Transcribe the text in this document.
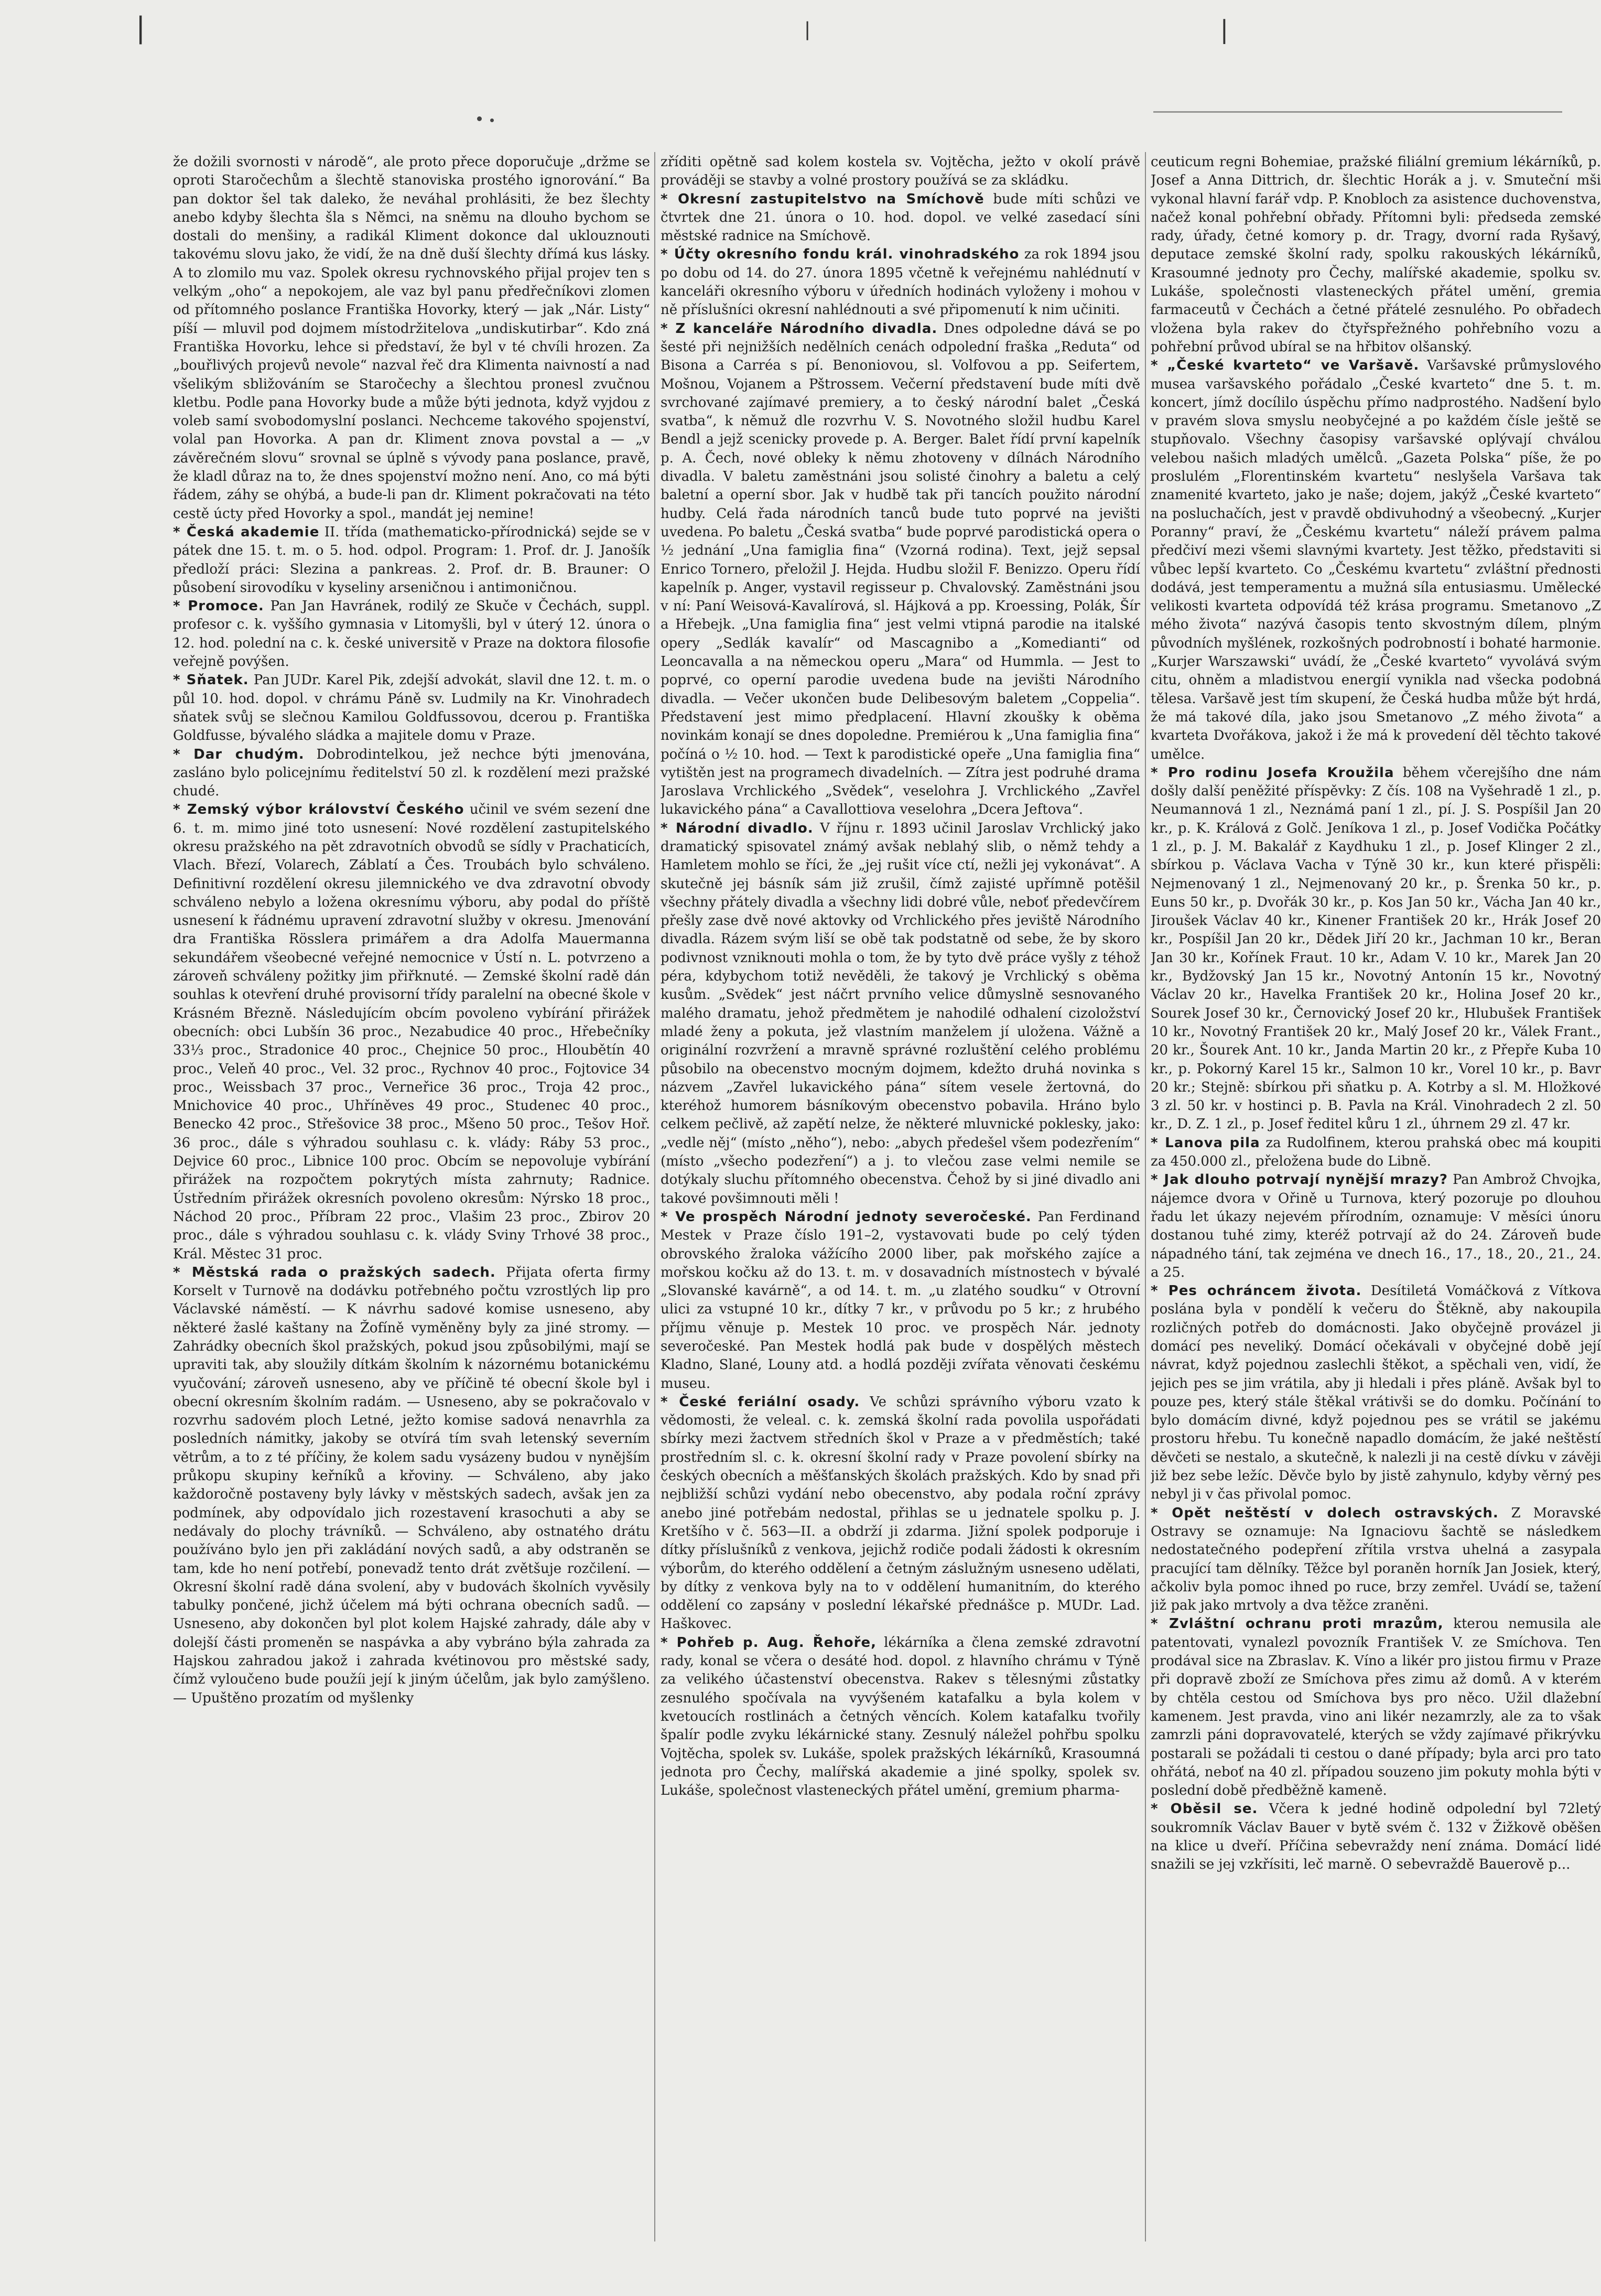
⎜	❘	⎜

že dožili svornosti v národě“, ale proto přece doporučuje „držme se oproti Staročechům a šlechtě stanoviska prostého ignorování.“ Ba pan doktor šel tak daleko, že neváhal prohlásiti, že bez šlechty anebo kdyby šlechta šla s Němci, na sněmu na dlouho bychom se dostali do menšiny, a radikál Kliment dokonce dal uklouznouti takovému slovu jako, že vidí, že na dně duší šlechty dřímá kus lásky. A to zlomilo mu vaz. Spolek okresu rychnovského přijal projev ten s velkým „oho“ a nepokojem, ale vaz byl panu předřečníkovi zlomen od přítomného poslance Františka Hovorky, který — jak „Nár. Listy“ píší — mluvil pod dojmem místodržitelova „undiskutirbar“. Kdo zná Františka Hovorku, lehce si představí, že byl v té chvíli hrozen. Za „bouřlivých projevů nevole“ nazval řeč dra Klimenta naivností a nad všelikým sbližováním se Staročechy a šlechtou pronesl zvučnou kletbu. Podle pana Hovorky bude a může býti jednota, když vyjdou z voleb samí svobodomyslní poslanci. Nechceme takového spojenství, volal pan Hovorka. A pan dr. Kliment znova povstal a — „v závěrečném slovu“ srovnal se úplně s vývody pana poslance, pravě, že kladl důraz na to, že dnes spojenství možno není. Ano, co má býti řádem, záhy se ohýbá, a bude-li pan dr. Kliment pokračovati na této cestě úcty před Hovorky a spol., mandát jej nemine!

* Česká akademie II. třída (mathematicko-přírodnická) sejde se v pátek dne 15. t. m. o 5. hod. odpol. Program: 1. Prof. dr. J. Janošík předloží práci: Slezina a pankreas. 2. Prof. dr. B. Brauner: O působení sirovodíku v kyseliny arseničnou i antimoničnou.

* Promoce. Pan Jan Havránek, rodilý ze Skuče v Čechách, suppl. profesor c. k. vyššího gymnasia v Litomyšli, byl v úterý 12. února o 12. hod. polední na c. k. české universitě v Praze na doktora filosofie veřejně povýšen.

* Sňatek. Pan JUDr. Karel Pik, zdejší advokát, slavil dne 12. t. m. o půl 10. hod. dopol. v chrámu Páně sv. Ludmily na Kr. Vinohradech sňatek svůj se slečnou Kamilou Goldfussovou, dcerou p. Františka Goldfusse, bývalého sládka a majitele domu v Praze.

* Dar chudým. Dobrodintelkou, jež nechce býti jmenována, zasláno bylo policejnímu ředitelství 50 zl. k rozdělení mezi pražské chudé.

* Zemský výbor království Českého učinil ve svém sezení dne 6. t. m. mimo jiné toto usnesení: Nové rozdělení zastupitelského okresu pražského na pět zdravotních obvodů se sídly v Prachaticích, Vlach. Březí, Volarech, Záblatí a Čes. Troubách bylo schváleno. Definitivní rozdělení okresu jilemnického ve dva zdravotní obvody schváleno nebylo a ložena okresnímu výboru, aby podal do příště usnesení k řádnému upravení zdravotní služby v okresu. Jmenování dra Františka Rösslera primářem a dra Adolfa Mauermanna sekundářem všeobecné veřejné nemocnice v Ústí n. L. potvrzeno a zároveň schváleny požitky jim přiřknuté. — Zemské školní radě dán souhlas k otevření druhé provisorní třídy paralelní na obecné škole v Krásném Březně. Následujícím obcím povoleno vybírání přirážek obecních: obci Lubšín 36 proc., Nezabudice 40 proc., Hřebečníky 33⅓ proc., Stradonice 40 proc., Chejnice 50 proc., Hloubětín 40 proc., Veleň 40 proc., Vel. 32 proc., Rychnov 40 proc., Fojtovice 34 proc., Weissbach 37 proc., Verneřice 36 proc., Troja 42 proc., Mnichovice 40 proc., Uhříněves 49 proc., Studenec 40 proc., Benecko 42 proc., Střešovice 38 proc., Mšeno 50 proc., Tešov Hoř. 36 proc., dále s výhradou souhlasu c. k. vlády: Ráby 53 proc., Dejvice 60 proc., Libnice 100 proc. Obcím se nepovoluje vybírání přirážek na rozpočtem pokrytých místa zahrnuty; Radnice. Ústředním přirážek okresních povoleno okresům: Nýrsko 18 proc., Náchod 20 proc., Příbram 22 proc., Vlašim 23 proc., Zbirov 20 proc., dále s výhradou souhlasu c. k. vlády Sviny Trhové 38 proc., Král. Městec 31 proc.

* Městská rada o pražských sadech. Přijata oferta firmy Korselt v Turnově na dodávku potřebného počtu vzrostlých lip pro Václavské náměstí. — K návrhu sadové komise usneseno, aby některé žaslé kaštany na Žofíně vyměněny byly za jiné stromy. — Zahrádky obecních škol pražských, pokud jsou způsobilými, mají se upraviti tak, aby sloužily dítkám školním k názornému botanickému vyučování; zároveň usneseno, aby ve příčině té obecní škole byl i obecní okresním školním radám. — Usneseno, aby se pokračovalo v rozvrhu sadovém ploch Letné, ježto komise sadová nenavrhla za posledních námitky, jakoby se otvírá tím svah letenský severním větrům, a to z té příčiny, že kolem sadu vysázeny budou v nynějším průkopu skupiny keřníků a křoviny. — Schváleno, aby jako každoročně postaveny byly lávky v městských sadech, avšak jen za podmínek, aby odpovídalo jich rozestavení krasochuti a aby se nedávaly do plochy trávníků. — Schváleno, aby ostnatého drátu používáno bylo jen při zakládání nových sadů, a aby odstraněn se tam, kde ho není potřebí, ponevadž tento drát zvětšuje rozčilení. — Okresní školní radě dána svolení, aby v budovách školních vyvěsily tabulky pončené, jichž účelem má býti ochrana obecních sadů. — Usneseno, aby dokončen byl plot kolem Hajské zahrady, dále aby v dolejší části promeněn se naspávka a aby vybráno býla zahrada za Hajskou zahradou jakož i zahrada kvétinovou pro městské sady, čímž vyloučeno bude použíi její k jiným účelům, jak bylo zamýšleno. — Upuštěno prozatím od myšlenky

zříditi opětně sad kolem kostela sv. Vojtěcha, ježto v okolí právě prováději se stavby a volné prostory používá se za skládku.

* Okresní zastupitelstvo na Smíchově bude míti schůzi ve čtvrtek dne 21. února o 10. hod. dopol. ve velké zasedací síni městské radnice na Smíchově.

* Účty okresního fondu král. vinohradského za rok 1894 jsou po dobu od 14. do 27. února 1895 včetně k veřejnému nahlédnutí v kanceláři okresního výboru v úředních hodinách vyloženy i mohou v ně příslušníci okresní nahlédnouti a své připomenutí k nim učiniti.

* Z kanceláře Národního divadla. Dnes odpoledne dává se po šesté při nejnižších nedělních cenách odpolední fraška „Reduta“ od Bisona a Carréa s pí. Benoniovou, sl. Volfovou a pp. Seifertem, Mošnou, Vojanem a Pštrossem. Večerní představení bude míti dvě svrchované zajímavé premiery, a to český národní balet „Česká svatba“, k němuž dle rozvrhu V. S. Novotného složil hudbu Karel Bendl a jejž scenicky provede p. A. Berger. Balet řídí první kapelník p. A. Čech, nové obleky k němu zhotoveny v dílnách Národního divadla. V baletu zaměstnáni jsou solisté činohry a baletu a celý baletní a operní sbor. Jak v hudbě tak při tancích použito národní hudby. Celá řada národních tanců bude tuto poprvé na jevišti uvedena. Po baletu „Česká svatba“ bude poprvé parodistická opera o ½ jednání „Una famiglia fina“ (Vzorná rodina). Text, jejž sepsal Enrico Tornero, přeložil J. Hejda. Hudbu složil F. Benizzo. Operu řídí kapelník p. Anger, vystavil regisseur p. Chvalovský. Zaměstnáni jsou v ní: Paní Weisová-Kavalírová, sl. Hájková a pp. Kroessing, Polák, Šír a Hřebejk. „Una famiglia fina“ jest velmi vtipná parodie na italské opery „Sedlák kavalír“ od Mascagnibo a „Komedianti“ od Leoncavalla a na německou operu „Mara“ od Hummla. — Jest to poprvé, co operní parodie uvedena bude na jevišti Národního divadla. — Večer ukončen bude Delibesovým baletem „Coppelia“. Představení jest mimo předplacení. Hlavní zkoušky k oběma novinkám konají se dnes dopoledne. Premiérou k „Una famiglia fina“ počíná o ½ 10. hod. — Text k parodistické opeře „Una famiglia fina“ vytištěn jest na programech divadelních. — Zítra jest podruhé drama Jaroslava Vrchlického „Svědek“, veselohra J. Vrchlického „Zavřel lukavického pána“ a Cavallottiova veselohra „Dcera Jeftova“.

* Národní divadlo. V říjnu r. 1893 učinil Jaroslav Vrchlický jako dramatický spisovatel známý avšak neblahý slib, o němž tehdy a Hamletem mohlo se říci, že „jej rušit více ctí, nežli jej vykonávat“. A skutečně jej básník sám již zrušil, čímž zajisté upřímně potěšil všechny přátely divadla a všechny lidi dobré vůle, neboť předevčírem přešly zase dvě nové aktovky od Vrchlického přes jeviště Národního divadla. Rázem svým liší se obě tak podstatně od sebe, že by skoro podivnost vzniknouti mohla o tom, že by tyto dvě práce vyšly z téhož péra, kdybychom totiž nevěděli, že takový je Vrchlický s oběma kusům. „Svědek“ jest náčrt prvního velice důmyslně sesnovaného malého dramatu, jehož předmětem je nahodilé odhalení cizoložství mladé ženy a pokuta, jež vlastním manželem jí uložena. Vážně a originální rozvržení a mravně správné rozluštění celého problému působilo na obecenstvo mocným dojmem, kdežto druhá novinka s názvem „Zavřel lukavického pána“ sítem vesele žertovná, do kteréhož humorem básníkovým obecenstvo pobavila. Hráno bylo celkem pečlivě, až zapětí nelze, že některé mluvnické poklesky, jako: „vedle něj“ (místo „něho“), nebo: „abych předešel všem podezřením“ (místo „všecho podezření“) a j. to vlečou zase velmi nemile se dotýkaly sluchu přítomného obecenstva. Čehož by si jiné divadlo ani takové povšimnouti měli !

* Ve prospěch Národní jednoty severočeské. Pan Ferdinand Mestek v Praze číslo 191–2, vystavovati bude po celý týden obrovského žraloka vážícího 2000 liber, pak mořského zajíce a mořskou kočku až do 13. t. m. v dosavadních místnostech v bývalé „Slovanské kavárně“, a od 14. t. m. „u zlatého soudku“ v Otrovní ulici za vstupné 10 kr., dítky 7 kr., v průvodu po 5 kr.; z hrubého příjmu věnuje p. Mestek 10 proc. ve prospěch Nár. jednoty severočeské. Pan Mestek hodlá pak bude v dospělých městech Kladno, Slané, Louny atd. a hodlá později zvířata věnovati českému museu.

* České feriální osady. Ve schůzi správního výboru vzato k vědomosti, že veleal. c. k. zemská školní rada povolila uspořádati sbírky mezi žactvem středních škol v Praze a v předměstích; také prostředním sl. c. k. okresní školní rady v Praze povolení sbírky na českých obecních a měšťanských školách pražských. Kdo by snad při nejbližší schůzi vydání nebo obecenstvo, aby podala roční zprávy anebo jiné potřebám nedostal, přihlas se u jednatele spolku p. J. Kretšího v č. 563—II. a obdrží ji zdarma. Jižní spolek podporuje i dítky příslušníků z venkova, jejichž rodiče podali žádosti k okresním výborům, do kterého oddělení a četným záslužným usneseno udělati, by dítky z venkova byly na to v oddělení humanitním, do kterého oddělení co zapsány v poslední lékařské přednášce p. MUDr. Lad. Haškovec.

* Pohřeb p. Aug. Řehoře, lékárníka a člena zemské zdravotní rady, konal se včera o desáté hod. dopol. z hlavního chrámu v Týně za velikého účastenství obecenstva. Rakev s tělesnými zůstatky zesnulého spočívala na vyvýšeném katafalku a byla kolem v kvetoucích rostlinách a četných věncích. Kolem katafalku tvořily špalír podle zvyku lékárnické stany. Zesnulý náležel pohřbu spolku Vojtěcha, spolek sv. Lukáše, spolek pražských lékárníků, Krasoumná jednota pro Čechy, malířská akademie a jiné spolky, spolek sv. Lukáše, společnost vlasteneckých přátel umění, gremium pharma-

ceuticum regni Bohemiae, pražské filiální gremium lékárníků, p. Josef a Anna Dittrich, dr. šlechtic Horák a j. v. Smuteční mši vykonal hlavní farář vdp. P. Knobloch za asistence duchovenstva, načež konal pohřební obřady. Přítomni byli: předseda zemské rady, úřady, četné komory p. dr. Tragy, dvorní rada Ryšavý, deputace zemské školní rady, spolku rakouských lékárníků, Krasoumné jednoty pro Čechy, malířské akademie, spolku sv. Lukáše, společnosti vlasteneckých přátel umění, gremia farmaceutů v Čechách a četné přátelé zesnulého. Po obřadech vložena byla rakev do čtyřspřežného pohřebního vozu a pohřební průvod ubíral se na hřbitov olšanský.

* „České kvarteto“ ve Varšavě. Varšavské průmyslového musea varšavského pořádalo „České kvarteto“ dne 5. t. m. koncert, jímž docílilo úspěchu přímo nadprostého. Nadšení bylo v pravém slova smyslu neobyčejné a po každém čísle ještě se stupňovalo. Všechny časopisy varšavské oplývají chválou velebou našich mladých umělců. „Gazeta Polska“ píše, že po proslulém „Florentinském kvartetu“ neslyšela Varšava tak znamenité kvarteto, jako je naše; dojem, jakýž „České kvarteto“ na posluchačích, jest v pravdě obdivuhodný a všeobecný. „Kurjer Poranny“ praví, že „Českému kvartetu“ náleží právem palma předčiví mezi všemi slavnými kvartety. Jest těžko, představiti si vůbec lepší kvarteto. Co „Českému kvartetu“ zvláštní přednosti dodává, jest temperamentu a mužná síla entusiasmu. Umělecké velikosti kvarteta odpovídá též krása programu. Smetanovo „Z mého života“ nazývá časopis tento skvostným dílem, plným původních myšlének, rozkošných podrobností i bohaté harmonie. „Kurjer Warszawski“ uvádí, že „České kvarteto“ vyvolává svým citu, ohněm a mladistvou energií vynikla nad všecka podobná tělesa. Varšavě jest tím skupení, že Česká hudba může být hrdá, že má takové díla, jako jsou Smetanovo „Z mého života“ a kvarteta Dvořákova, jakož i že má k provedení děl těchto takové umělce.

* Pro rodinu Josefa Kroužila během včerejšího dne nám došly další peněžité příspěvky: Z čís. 108 na Vyšehradě 1 zl., p. Neumannová 1 zl., Neznámá paní 1 zl., pí. J. S. Pospíšil Jan 20 kr., p. K. Králová z Golč. Jeníkova 1 zl., p. Josef Vodička Počátky 1 zl., p. J. M. Bakalář z Kaydhuku 1 zl., p. Josef Klinger 2 zl., sbírkou p. Václava Vacha v Týně 30 kr., kun které přispěli: Nejmenovaný 1 zl., Nejmenovaný 20 kr., p. Šrenka 50 kr., p. Euns 50 kr., p. Dvořák 30 kr., p. Kos Jan 50 kr., Vácha Jan 40 kr., Jiroušek Václav 40 kr., Kinener František 20 kr., Hrák Josef 20 kr., Pospíšil Jan 20 kr., Dědek Jiří 20 kr., Jachman 10 kr., Beran Jan 30 kr., Kořínek Fraut. 10 kr., Adam V. 10 kr., Marek Jan 20 kr., Bydžovský Jan 15 kr., Novotný Antonín 15 kr., Novotný Václav 20 kr., Havelka František 20 kr., Holina Josef 20 kr., Sourek Josef 30 kr., Černovický Josef 20 kr., Hlubušek František 10 kr., Novotný František 20 kr., Malý Josef 20 kr., Válek Frant., 20 kr., Šourek Ant. 10 kr., Janda Martin 20 kr., z Přepře Kuba 10 kr., p. Pokorný Karel 15 kr., Salmon 10 kr., Vorel 10 kr., p. Bavr 20 kr.; Stejně: sbírkou při sňatku p. A. Kotrby a sl. M. Hložkové 3 zl. 50 kr. v hostinci p. B. Pavla na Král. Vinohradech 2 zl. 50 kr., D. Z. 1 zl., p. Josef ředitel kůru 1 zl., úhrnem 29 zl. 47 kr.

* Lanova pila za Rudolfinem, kterou prahská obec má koupiti za 450.000 zl., přeložena bude do Libně.

* Jak dlouho potrvají nynější mrazy? Pan Ambrož Chvojka, nájemce dvora v Ořině u Turnova, který pozoruje po dlouhou řadu let úkazy nejevém přírodním, oznamuje: V měsíci únoru dostanou tuhé zimy, kteréž potrvají až do 24. Zároveň bude nápadného tání, tak zejména ve dnech 16., 17., 18., 20., 21., 24. a 25.

* Pes ochráncem života. Desítiletá Vomáčková z Vítkova poslána byla v pondělí k večeru do Štěkně, aby nakoupila rozličných potřeb do domácnosti. Jako obyčejně provázel ji domácí pes neveliký. Domácí očekávali v obyčejné době její návrat, když pojednou zaslechli štěkot, a spěchali ven, vidí, že jejich pes se jim vrátila, aby ji hledali i přes pláně. Avšak byl to pouze pes, který stále štěkal vrátivši se do domku. Počínání to bylo domácím divné, když pojednou pes se vrátil se jakému prostoru hřebu. Tu konečně napadlo domácím, že jaké neštěstí děvčeti se nestalo, a skutečně, k nalezli ji na cestě dívku v závěji již bez sebe ležíc. Děvče bylo by jistě zahynulo, kdyby věrný pes nebyl ji v čas přivolal pomoc.

* Opět neštěstí v dolech ostravských. Z Moravské Ostravy se oznamuje: Na Ignaciovu šachtě se následkem nedostatečného podepření zřítila vrstva uhelná a zasypala pracující tam dělníky. Těžce byl poraněn horník Jan Josiek, který, ačkoliv byla pomoc ihned po ruce, brzy zemřel. Uvádí se, tažení již pak jako mrtvoly a dva těžce zraněni.

* Zvláštní ochranu proti mrazům, kterou nemusila ale patentovati, vynalezl povozník František V. ze Smíchova. Ten prodával sice na Zbraslav. K. Víno a likér pro jistou firmu v Praze při dopravě zboží ze Smíchova přes zimu až domů. A v kterém by chtěla cestou od Smíchova bys pro něco. Užil dlažební kamenem. Jest pravda, vino ani likér nezamrzly, ale za to však zamrzli páni dopravovatelé, kterých se vždy zajímavé přikrývku postarali se požádali ti cestou o dané případy; byla arci pro tato ohřátá, neboť na 40 zl. případou souzeno jim pokuty mohla býti v poslední době předběžně kameně.

* Oběsil se. Včera k jedné hodině odpolední byl 72letý soukromník Václav Bauer v bytě svém č. 132 v Žižkově oběšen na klice u dveří. Příčina sebevraždy není známa. Domácí lidé snažili se jej vzkřísiti, leč marně. O sebevraždě Bauerově p...
